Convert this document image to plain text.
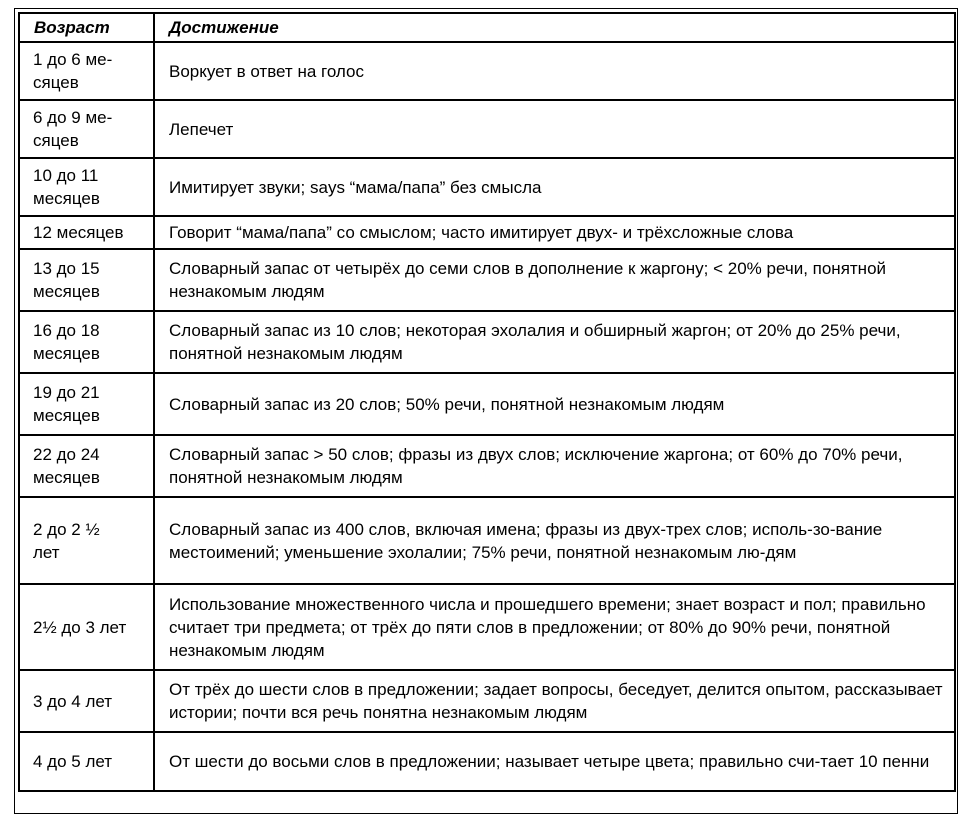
Возраст	Достижение
1 до 6 ме-сяцев	Воркует в ответ на голос
6 до 9 ме-сяцев	Лепечет
10 до 11 месяцев	Имитирует звуки; says “мама/папа” без смысла
12 месяцев	Говорит “мама/папа” со смыслом; часто имитирует двух- и трёхсложные слова
13 до 15 месяцев	Словарный запас от четырёх до семи слов в дополнение к жаргону; < 20% речи, понятной незнакомым людям
16 до 18 месяцев	Словарный запас из 10 слов; некоторая эхолалия и обширный жаргон; от 20% до 25% речи, понятной незнакомым людям
19 до 21 месяцев	Словарный запас из 20 слов; 50% речи, понятной незнакомым людям
22 до 24 месяцев	Словарный запас > 50 слов; фразы из двух слов; исключение жаргона; от 60% до 70% речи, понятной незнакомым людям
2 до 2 ½ лет	Словарный запас из 400 слов, включая имена; фразы из двух-трех слов; исполь-зо-вание местоимений; уменьшение эхолалии; 75% речи, понятной незнакомым лю-дям
2½ до 3 лет	Использование множественного числа и прошедшего времени; знает возраст и пол; правильно считает три предмета; от трёх до пяти слов в предложении; от 80% до 90% речи, понятной незнакомым людям
3 до 4 лет	От трёх до шести слов в предложении; задает вопросы, беседует, делится опытом, рассказывает истории; почти вся речь понятна незнакомым людям
4 до 5 лет	От шести до восьми слов в предложении; называет четыре цвета; правильно счи-тает 10 пенни
